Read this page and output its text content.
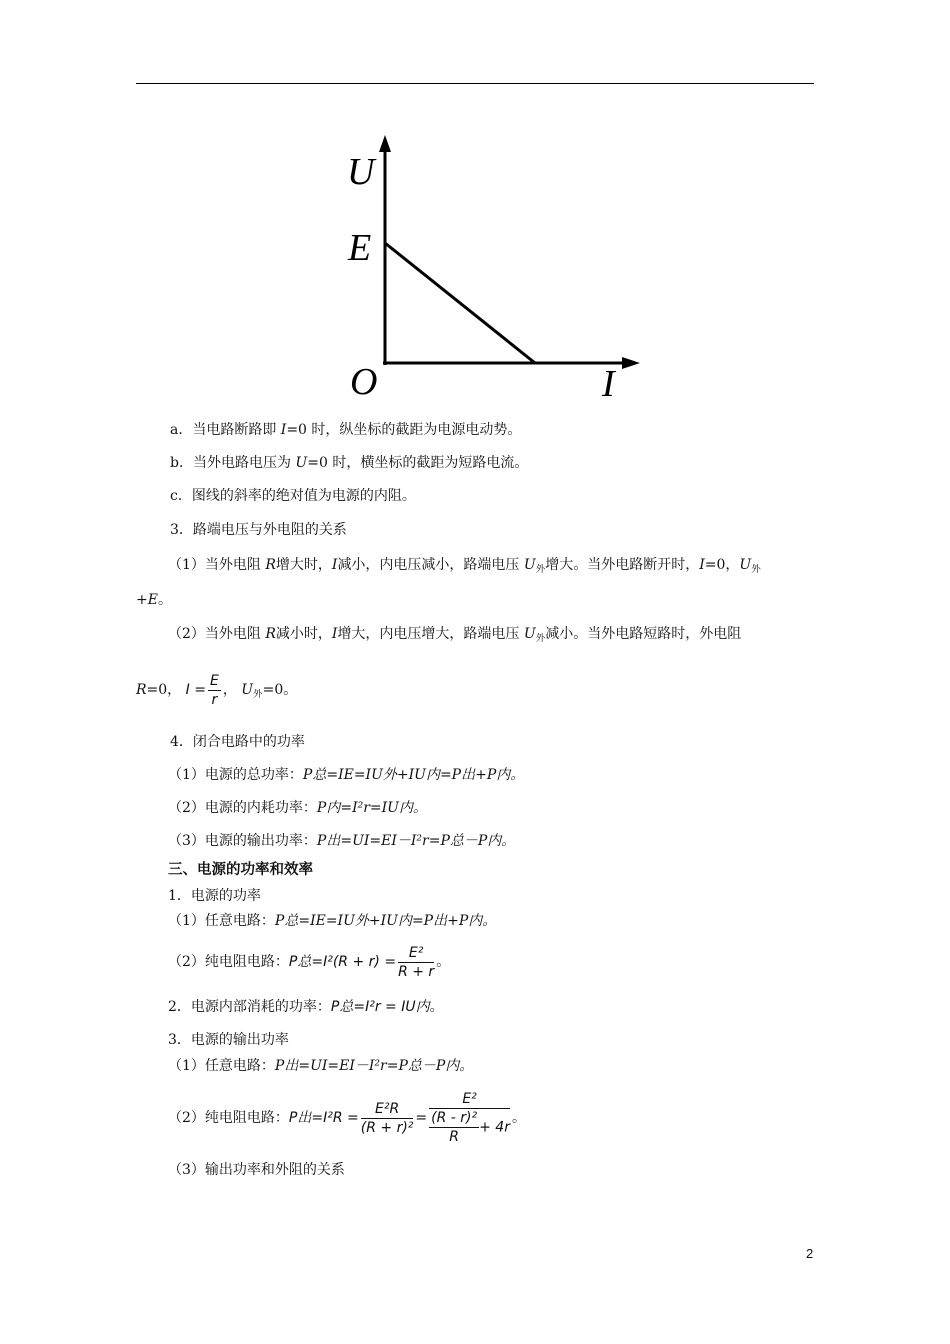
U
E
O	I
a．当电路断路即 I=0 时，纵坐标的截距为电源电动势。
b．当外电路电压为 U=0 时，横坐标的截距为短路电流。
c．图线的斜率的绝对值为电源的内阻。
3．路端电压与外电阻的关系
（1）当外电阻 R增大时，I减小，内电压减小，路端电压 $U_外$增大。当外电路断开时，I=0，$U_外$
+E。
（2）当外电阻 R减小时，I增大，内电压增大，路端电压 $U_外$减小。当外电路短路时，外电阻
R=0， $I = \frac{E}{r}$ ， $U_外=0$。
4．闭合电路中的功率
（1）电源的总功率：P总=IE=IU外+IU内=P出+P内。
（2）电源的内耗功率：P内=I²r=IU内。
（3）电源的输出功率：P出=UI=EI－I²r=P总－P内。
三、电源的功率和效率
1．电源的功率
（1）任意电路：P总=IE=IU外+IU内=P出+P内。
（2）纯电阻电路：P总$=I^2(R + r) = \frac{\text{E²}}{R + r}$ 。
2．电源内部消耗的功率：P总=I²r = IU内。
3．电源的输出功率
（1）任意电路：P出=UI=EI－I²r=P总－P内。
（2）纯电阻电路：P出$=I^2R = \frac{\text{E²R}}{\text{(R + r)²}} = \frac{\text{E²}}{\frac{\text{(R - r)²}}{R} + 4r}$ 。
（3）输出功率和外阻的关系
2
